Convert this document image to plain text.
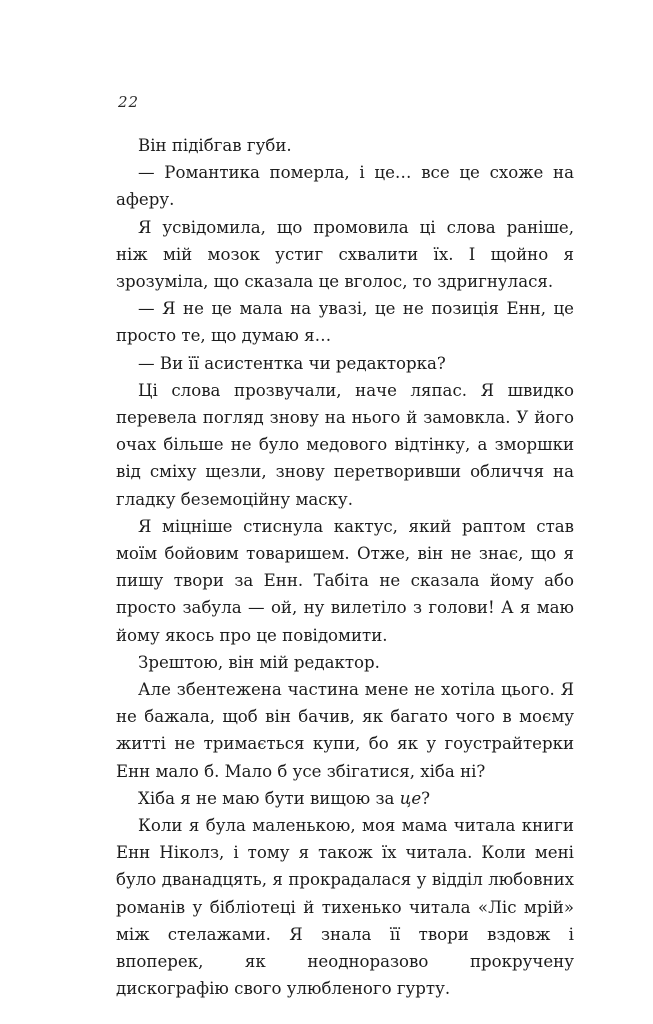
22

Він підібгав губи.

— Романтика померла, і це… все це схоже на аферу.

Я усвідомила, що промовила ці слова раніше, ніж мій мозок устиг схвалити їх. І щойно я зрозуміла, що сказала це вголос, то здригнулася.

— Я не це мала на увазі, це не позиція Енн, це просто те, що думаю я…

— Ви її асистентка чи редакторка?

Ці слова прозвучали, наче ляпас. Я швидко перевела погляд знову на нього й замовкла. У його очах більше не було медового відтінку, а зморшки від сміху щезли, знову перетворивши обличчя на гладку беземоційну маску.

Я міцніше стиснула кактус, який раптом став моїм бойовим товаришем. Отже, він не знає, що я пишу твори за Енн. Табіта не сказала йому або просто забула — ой, ну вилетіло з голови! А я маю йому якось про це повідомити.

Зрештою, він мій редактор.

Але збентежена частина мене не хотіла цього. Я не бажала, щоб він бачив, як багато чого в моєму житті не тримається купи, бо як у гоустрайтерки Енн мало б. Мало б усе збігатися, хіба ні?

Хіба я не маю бути вищою за це?

Коли я була маленькою, моя мама читала книги Енн Ніколз, і тому я також їх читала. Коли мені було дванадцять, я прокрадалася у відділ любовних романів у бібліотеці й тихенько читала «Ліс мрій» між стелажами. Я знала її твори вздовж і впоперек, як неодноразово прокручену дискографію свого улюбленого гурту.
